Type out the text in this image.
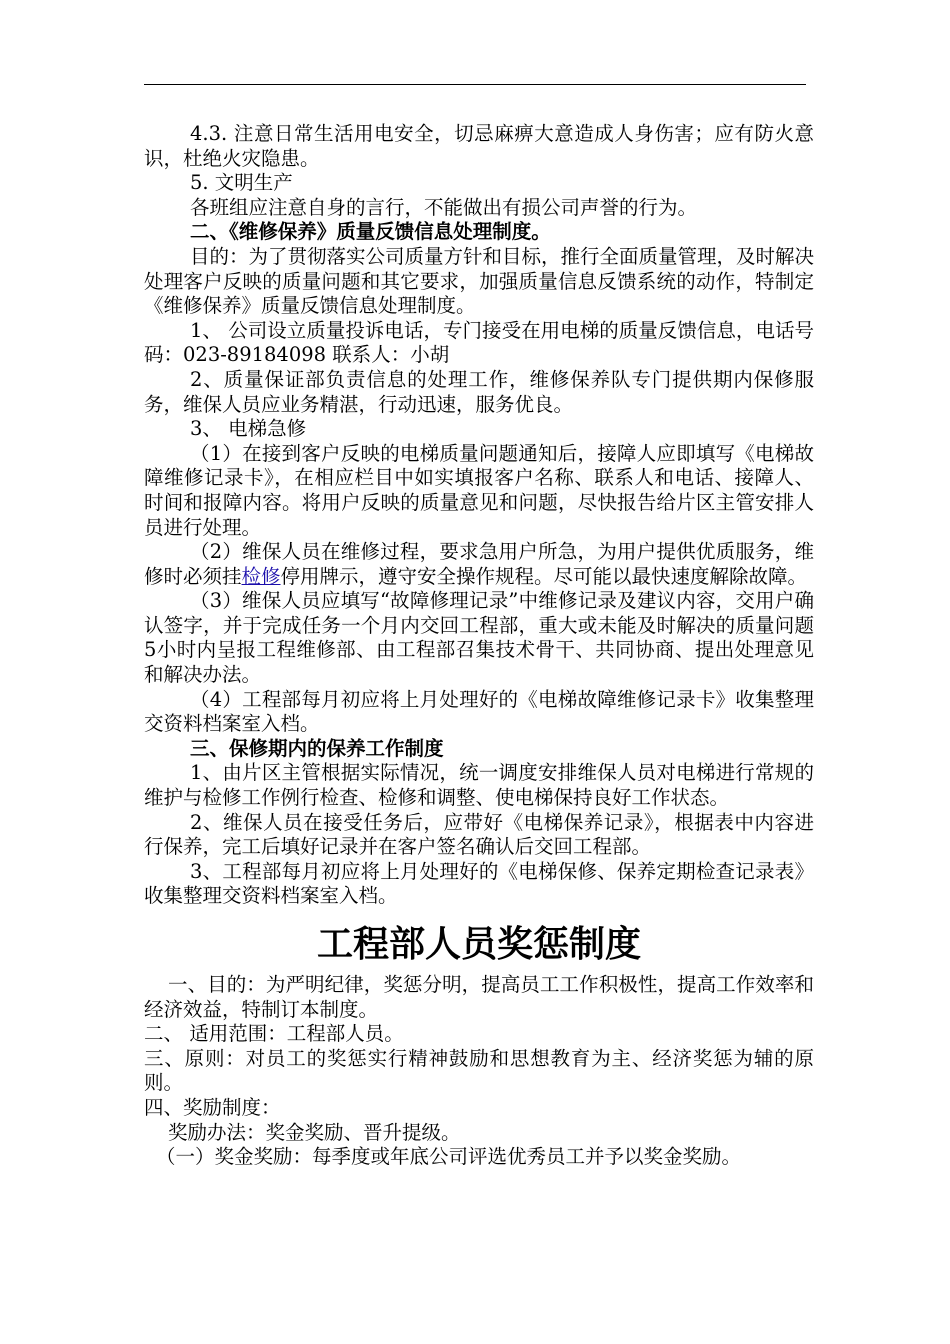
4.3. 注意日常生活用电安全，切忌麻痹大意造成人身伤害；应有防火意识，杜绝火灾隐患。

5. 文明生产

各班组应注意自身的言行，不能做出有损公司声誉的行为。

二、《维修保养》质量反馈信息处理制度。

目的：为了贯彻落实公司质量方针和目标，推行全面质量管理，及时解决处理客户反映的质量问题和其它要求，加强质量信息反馈系统的动作，特制定《维修保养》质量反馈信息处理制度。

1、 公司设立质量投诉电话，专门接受在用电梯的质量反馈信息，电话号码：023-89184098 联系人：小胡

2、质量保证部负责信息的处理工作，维修保养队专门提供期内保修服务，维保人员应业务精湛，行动迅速，服务优良。

3、 电梯急修

（1）在接到客户反映的电梯质量问题通知后，接障人应即填写《电梯故障维修记录卡》，在相应栏目中如实填报客户名称、联系人和电话、接障人、时间和报障内容。将用户反映的质量意见和问题，尽快报告给片区主管安排人员进行处理。

（2）维保人员在维修过程，要求急用户所急，为用户提供优质服务，维修时必须挂检修停用牌示，遵守安全操作规程。尽可能以最快速度解除故障。

（3）维保人员应填写“故障修理记录”中维修记录及建议内容，交用户确认签字，并于完成任务一个月内交回工程部，重大或未能及时解决的质量问题5小时内呈报工程维修部、由工程部召集技术骨干、共同协商、提出处理意见和解决办法。

（4）工程部每月初应将上月处理好的《电梯故障维修记录卡》收集整理交资料档案室入档。

三、保修期内的保养工作制度

1、由片区主管根据实际情况，统一调度安排维保人员对电梯进行常规的维护与检修工作例行检查、检修和调整、使电梯保持良好工作状态。

2、维保人员在接受任务后，应带好《电梯保养记录》，根据表中内容进行保养，完工后填好记录并在客户签名确认后交回工程部。

3、工程部每月初应将上月处理好的《电梯保修、保养定期检查记录表》收集整理交资料档案室入档。

工程部人员奖惩制度

一、目的：为严明纪律，奖惩分明，提高员工工作积极性，提高工作效率和经济效益，特制订本制度。

二、 适用范围：工程部人员。

三、原则：对员工的奖惩实行精神鼓励和思想教育为主、经济奖惩为辅的原则。

四、奖励制度：

奖励办法：奖金奖励、晋升提级。

（一）奖金奖励：每季度或年底公司评选优秀员工并予以奖金奖励。
